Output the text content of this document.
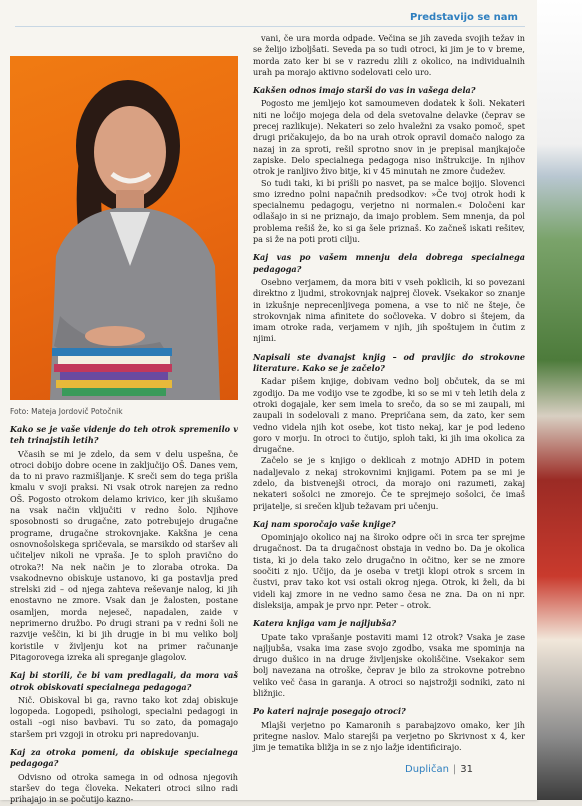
Predstavijo se nam
Foto: Mateja Jordovič Potočnik

Kako se je vaše videnje do teh otrok spremenilo v teh trinajstih letih?

Včasih se mi je zdelo, da sem v delu uspešna, če otroci dobijo dobre ocene in zaključijo OŠ. Danes vem, da to ni pravo razmišljanje. K sreči sem do tega prišla kmalu v svoji praksi. Ni vsak otrok narejen za redno OŠ. Pogosto otrokom delamo krivico, ker jih skušamo na vsak način vključiti v redno šolo. Njihove sposobnosti so drugačne, zato potrebujejo drugačne programe, drugačne strokovnjake. Kakšna je cena osnovnošolskega spričevala, se marsikdo od staršev ali učiteljev nikoli ne vpraša. Je to sploh pravično do otroka?! Na nek način je to zloraba otroka. Da vsakodnevno obiskuje ustanovo, ki ga postavlja pred strelski zid – od njega zahteva reševanje nalog, ki jih enostavno ne zmore. Vsak dan je žalosten, postane osamljen, morda nejeseč, napadalen, zaide v neprimerno družbo. Po drugi strani pa v redni šoli ne razvije veščin, ki bi jih drugje in bi mu veliko bolj koristile v življenju kot na primer računanje Pitagorovega izreka ali spreganje glagolov.

Kaj bi storili, če bi vam predlagali, da mora vaš otrok obiskovati specialnega pedagoga?

Nič. Obiskoval bi ga, ravno tako kot zdaj obiskuje logopeda. Logopedi, psihologi, specialni pedagogi in ostali –ogi niso bavbavi. Tu so zato, da pomagajo staršem pri vzgoji in otroku pri napredovanju.

Kaj za otroka pomeni, da obiskuje specialnega pedagoga?

Odvisno od otroka samega in od odnosa njegovih staršev do tega človeka. Nekateri otroci silno radi prihajajo in se počutijo kazno-

vani, če ura morda odpade. Večina se jih zaveda svojih težav in se želijo izboljšati. Seveda pa so tudi otroci, ki jim je to v breme, morda zato ker bi se v razredu zlili z okolico, na individualnih urah pa morajo aktivno sodelovati celo uro.

Kakšen odnos imajo starši do vas in vašega dela?

Pogosto me jemljejo kot samoumeven dodatek k šoli. Nekateri niti ne ločijo mojega dela od dela svetovalne delavke (čeprav se precej razlikuje). Nekateri so zelo hvaležni za vsako pomoč, spet drugi pričakujejo, da bo na urah otrok opravil domačo nalogo za nazaj in za sproti, rešil sprotno snov in je prepisal manjkajoče zapiske. Delo specialnega pedagoga niso inštrukcije. In njihov otrok je ranljivo živo bitje, ki v 45 minutah ne zmore čudežev.

So tudi taki, ki bi prišli po nasvet, pa se malce bojijo. Slovenci smo izredno polni napačnih predsodkov: »Če tvoj otrok hodi k specialnemu pedagogu, verjetno ni normalen.« Določeni kar odlašajo in si ne priznajo, da imajo problem. Sem mnenja, da pol problema rešiš že, ko si ga šele priznaš. Ko začneš iskati rešitev, pa si že na poti proti cilju.

Kaj vas po vašem mnenju dela dobrega specialnega pedagoga?

Osebno verjamem, da mora biti v vseh poklicih, ki so povezani direktno z ljudmi, strokovnjak najprej človek. Vsekakor so znanje in izkušnje neprecenljivega pomena, a vse to nič ne šteje, če strokovnjak nima afinitete do sočloveka. V dobro si štejem, da imam otroke rada, verjamem v njih, jih spoštujem in čutim z njimi.

Napisali ste dvanajst knjig – od pravljic do strokovne literature. Kako se je začelo?

Kadar pišem knjige, dobivam vedno bolj občutek, da se mi zgodijo. Da me vodijo vse te zgodbe, ki so se mi v teh letih dela z otroki dogajale, ker sem imela to srečo, da so se mi zaupali, mi zaupali in sodelovali z mano. Prepričana sem, da zato, ker sem vedno videla njih kot osebe, kot tisto nekaj, kar je pod ledeno goro v morju. In otroci to čutijo, sploh taki, ki jih ima okolica za drugačne.

Začelo se je s knjigo o deklicah z motnjo ADHD in potem nadaljevalo z nekaj strokovnimi knjigami. Potem pa se mi je zdelo, da bistvenejši otroci, da morajo oni razumeti, zakaj nekateri sošolci ne zmorejo. Če te sprejmejo sošolci, če imaš prijatelje, si srečen kljub težavam pri učenju.

Kaj nam sporočajo vaše knjige?

Opominjajo okolico naj na široko odpre oči in srca ter sprejme drugačnost. Da ta drugačnost obstaja in vedno bo. Da je okolica tista, ki jo dela tako zelo drugačno in očitno, ker se ne zmore soočiti z njo. Učijo, da je oseba v tretji klopi otrok s srcem in čustvi, prav tako kot vsi ostali okrog njega. Otrok, ki želi, da bi videli kaj zmore in ne vedno samo česa ne zna. Da on ni npr. disleksija, ampak je prvo npr. Peter – otrok.

Katera knjiga vam je najljubša?

Upate tako vprašanje postaviti mami 12 otrok? Vsaka je zase najljubša, vsaka ima zase svojo zgodbo, vsaka me spominja na drugo dušico in na druge življenjske okoliščine. Vsekakor sem bolj navezana na otroške, čeprav je bilo za strokovne potrebno veliko več časa in garanja. A otroci so najstrožji sodniki, zato ni bližnjic.

Po kateri najraje posegajo otroci?

Mlajši verjetno po Kamaronih s parabajzovo omako, ker jih pritegne naslov. Malo starejši pa verjetno po Skrivnost x 4, ker jim je tematika bližja in se z njo lažje identificirajo.

Dupličan | 31
